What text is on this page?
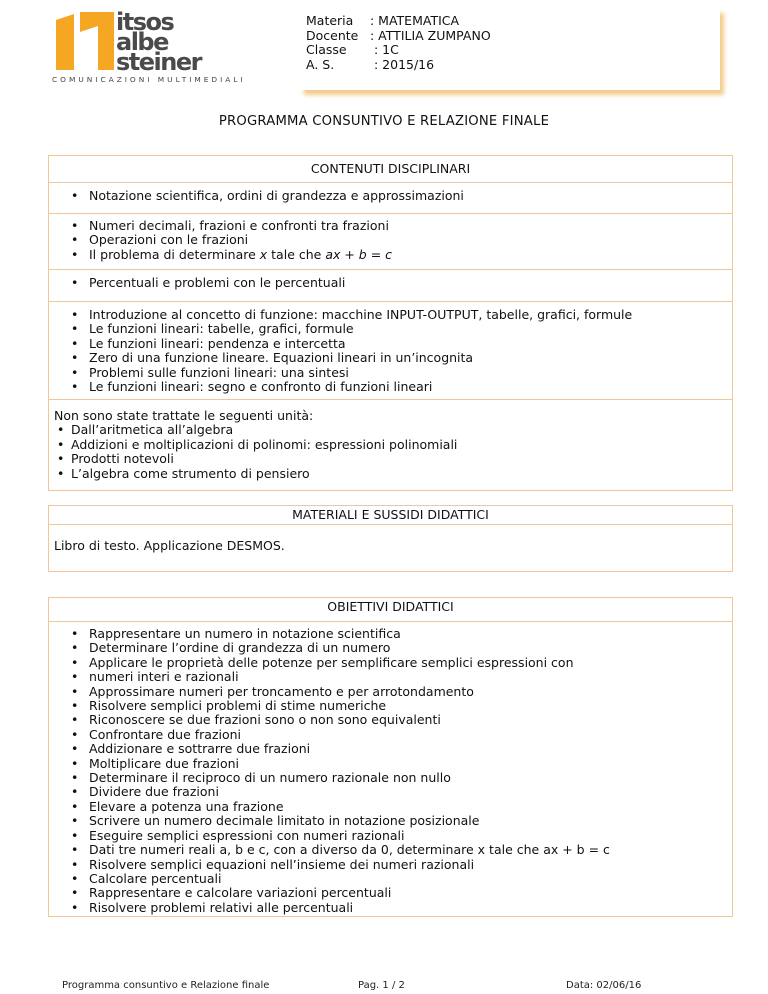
itsos
albe
steiner
COMUNICAZIONI MULTIMEDIALI
Materia	: MATEMATICA
Docente : ATTILIA ZUMPANO
Classe	: 1C
A. S.	: 2015/16
PROGRAMMA CONSUNTIVO E RELAZIONE FINALE
CONTENUTI DISCIPLINARI
• Notazione scientifica, ordini di grandezza e approssimazioni
• Numeri decimali, frazioni e confronti tra frazioni
• Operazioni con le frazioni
• Il problema di determinare x tale che ax + b = c
• Percentuali e problemi con le percentuali
• Introduzione al concetto di funzione: macchine INPUT-OUTPUT, tabelle, grafici, formule
• Le funzioni lineari: tabelle, grafici, formule
• Le funzioni lineari: pendenza e intercetta
• Zero di una funzione lineare. Equazioni lineari in un’incognita
• Problemi sulle funzioni lineari: una sintesi
• Le funzioni lineari: segno e confronto di funzioni lineari
Non sono state trattate le seguenti unità:
• Dall’aritmetica all’algebra
• Addizioni e moltiplicazioni di polinomi: espressioni polinomiali
• Prodotti notevoli
• L’algebra come strumento di pensiero
MATERIALI E SUSSIDI DIDATTICI
Libro di testo. Applicazione DESMOS.
OBIETTIVI DIDATTICI
• Rappresentare un numero in notazione scientifica
• Determinare l’ordine di grandezza di un numero
• Applicare le proprietà delle potenze per semplificare semplici espressioni con
• numeri interi e razionali
• Approssimare numeri per troncamento e per arrotondamento
• Risolvere semplici problemi di stime numeriche
• Riconoscere se due frazioni sono o non sono equivalenti
• Confrontare due frazioni
• Addizionare e sottrarre due frazioni
• Moltiplicare due frazioni
• Determinare il reciproco di un numero razionale non nullo
• Dividere due frazioni
• Elevare a potenza una frazione
• Scrivere un numero decimale limitato in notazione posizionale
• Eseguire semplici espressioni con numeri razionali
• Dati tre numeri reali a, b e c, con a diverso da 0, determinare x tale che ax + b = c
• Risolvere semplici equazioni nell’insieme dei numeri razionali
• Calcolare percentuali
• Rappresentare e calcolare variazioni percentuali
• Risolvere problemi relativi alle percentuali
Programma consuntivo e Relazione finale	Pag. 1 / 2	Data: 02/06/16
